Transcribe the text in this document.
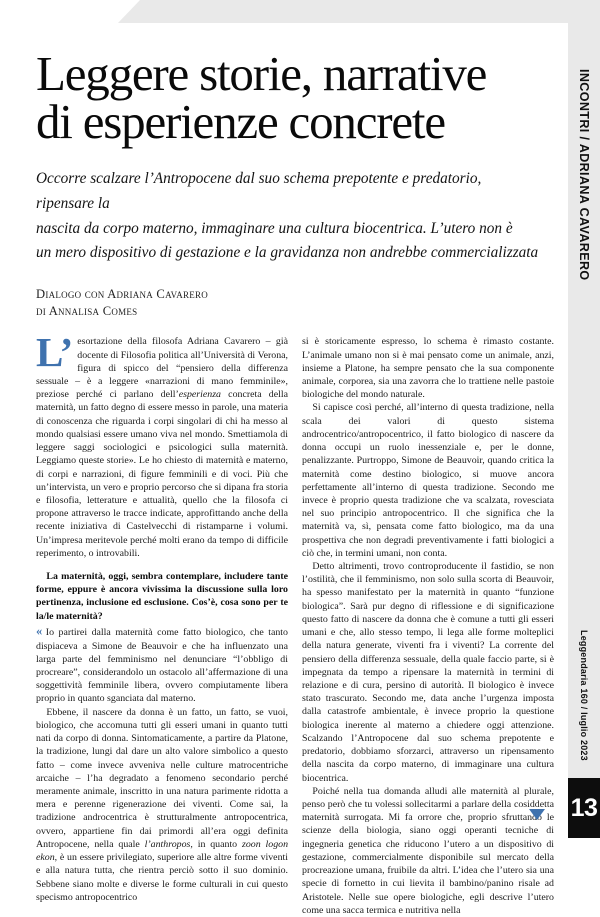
INCONTRI / ADRIANA CAVARERO
Leggendaria 160 / luglio 2023
13
Leggere storie, narrative
di esperienze concrete
Occorre scalzare l’Antropocene dal suo schema prepotente e predatorio, ripensare la
nascita da corpo materno, immaginare una cultura biocentrica. L’utero non è
un mero dispositivo di gestazione e la gravidanza non andrebbe commercializzata
Dialogo con Adriana Cavarero
di Annalisa Comes

L’ esortazione della filosofa Adriana Cavarero – già docente di Filosofia politica all’Università di Verona, figura di spicco del “pensiero della differenza sessuale – è a leggere «narrazioni di mano femminile», preziose perché ci parlano dell’esperienza concreta della maternità, un fatto degno di essere messo in parole, una materia di conoscenza che riguarda i corpi singolari di chi ha messo al mondo qualsiasi essere umano viva nel mondo. Smettiamola di leggere saggi sociologici e psicologici sulla maternità. Leggiamo queste storie». Le ho chiesto di maternità e materno, di corpi e narrazioni, di figure femminili e di voci. Più che un’intervista, un vero e proprio percorso che si dipana fra storia e filosofia, letterature e attualità, quello che la filosofa ci propone attraverso le tracce indicate, approfittando anche della recente iniziativa di Castelvecchi di ristamparne i volumi. Un’impresa meritevole perché molti erano da tempo di difficile reperimento, o introvabili.

La maternità, oggi, sembra contemplare, includere tante forme, eppure è ancora vivissima la discussione sulla loro pertinenza, inclusione ed esclusione. Cos’è, cosa sono per te la/le maternità?

« Io partirei dalla maternità come fatto biologico, che tanto dispiaceva a Simone de Beauvoir e che ha influenzato una larga parte del femminismo nel denunciare “l’obbligo di procreare”, considerandolo un ostacolo all’affermazione di una soggettività femminile libera, ovvero compiutamente libera proprio in quanto sganciata dal materno.

Ebbene, il nascere da donna è un fatto, un fatto, se vuoi, biologico, che accomuna tutti gli esseri umani in quanto tutti nati da corpo di donna. Sintomaticamente, a partire da Platone, la tradizione, lungi dal dare un alto valore simbolico a questo fatto – come invece avveniva nelle culture matrocentriche arcaiche – l’ha degradato a fenomeno secondario perché meramente animale, inscritto in una natura parimente ridotta a mera e perenne rigenerazione dei viventi. Come sai, la tradizione androcentrica è strutturalmente antropocentrica, ovvero, appartiene fin dai primordi all’era oggi definita Antropocene, nella quale l’anthropos, in quanto zoon logon ekon, è un essere privilegiato, superiore alle altre forme viventi e alla natura tutta, che rientra perciò sotto il suo dominio. Sebbene siano molte e diverse le forme culturali in cui questo specismo antropocentrico

si è storicamente espresso, lo schema è rimasto costante. L’animale umano non si è mai pensato come un animale, anzi, insieme a Platone, ha sempre pensato che la sua componente animale, corporea, sia una zavorra che lo trattiene nelle pastoie biologiche del mondo naturale.

Si capisce così perché, all’interno di questa tradizione, nella scala dei valori di questo sistema androcentrico/antropocentrico, il fatto biologico di nascere da donna occupi un ruolo inessenziale e, per le donne, penalizzante. Purtroppo, Simone de Beauvoir, quando critica la maternità come destino biologico, si muove ancora perfettamente all’interno di questa tradizione. Secondo me invece è proprio questa tradizione che va scalzata, rovesciata nel suo principio antropocentrico. Il che significa che la maternità va, sì, pensata come fatto biologico, ma da una prospettiva che non degradi preventivamente i fatti biologici a ciò che, in termini umani, non conta.

Detto altrimenti, trovo controproducente il fastidio, se non l’ostilità, che il femminismo, non solo sulla scorta di Beauvoir, ha spesso manifestato per la maternità in quanto “funzione biologica”. Sarà pur degno di riflessione e di significazione questo fatto di nascere da donna che è comune a tutti gli esseri umani e che, allo stesso tempo, li lega alle forme molteplici della natura generate, viventi fra i viventi? La corrente del pensiero della differenza sessuale, della quale faccio parte, si è impegnata da tempo a ripensare la maternità in termini di relazione e di cura, persino di autorità. Il biologico è invece stato trascurato. Secondo me, data anche l’urgenza imposta dalla catastrofe ambientale, è invece proprio la questione biologica inerente al materno a chiedere oggi attenzione. Scalzando l’Antropocene dal suo schema prepotente e predatorio, dobbiamo sforzarci, attraverso un ripensamento della nascita da corpo materno, di immaginare una cultura biocentrica.

Poiché nella tua domanda alludi alle maternità al plurale, penso però che tu volessi sollecitarmi a parlare della cosiddetta maternità surrogata. Mi fa orrore che, proprio sfruttando le scienze della biologia, siano oggi operanti tecniche di ingegneria genetica che riducono l’utero a un dispositivo di gestazione, commercialmente disponibile sul mercato della procreazione umana, fruibile da altri. L’idea che l’utero sia una specie di fornetto in cui lievita il bambino/panino risale ad Aristotele. Nelle sue opere biologiche, egli descrive l’utero come una sacca termica e nutritiva nella
